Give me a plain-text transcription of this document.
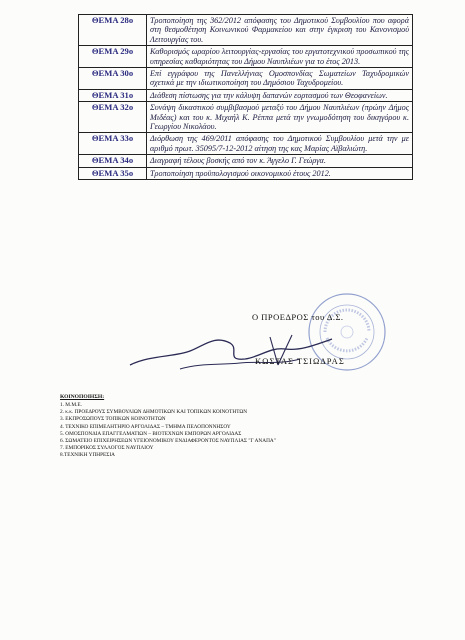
ΘΕΜΑ 28ο	Τροποποίηση της 362/2012 απόφασης του Δημοτικού Συμβουλίου που αφορά στη θεσμοθέτηση Κοινωνικού Φαρμακείου και στην έγκριση του Κανονισμού Λειτουργίας του.
ΘΕΜΑ 29ο	Καθορισμός ωραρίου λειτουργίας-εργασίας του εργατοτεχνικού προσωπικού της υπηρεσίας καθαριότητας του Δήμου Ναυπλιέων για το έτος 2013.
ΘΕΜΑ 30ο	Επί εγγράφου της Πανελλήνιας Ομοσπονδίας Σωματείων Ταχυδρομικών σχετικά με την ιδιωτικοποίηση του Δημόσιου Ταχυδρομείου.
ΘΕΜΑ 31ο	Διάθεση πίστωσης για την κάλυψη δαπανών εορτασμού των Θεοφανείων.
ΘΕΜΑ 32ο	Συνάψη δικαστικού συμβιβασμού μεταξύ του Δήμου Ναυπλιέων (πρώην Δήμος Μιδέας) και του κ. Μιχαήλ Κ. Ρέππα μετά την γνωμοδότηση του δικηγόρου κ. Γεωργίου Νικολάου.
ΘΕΜΑ 33ο	Διόρθωση της 469/2011 απόφασης του Δημοτικού Συμβουλίου μετά την με αριθμό πρωτ. 35095/7-12-2012 αίτηση της κας Μαρίας Αϊβαλιώτη.
ΘΕΜΑ 34ο	Διαγραφή τέλους βοσκής από τον κ. Άγγελο Γ. Γεώργα.
ΘΕΜΑ 35ο	Τροποποίηση προϋπολογισμού οικονομικού έτους 2012.
Ο ΠΡΟΕΔΡΟΣ του Δ.Σ.
ΚΩΣΤΑΣ ΤΣΙΩΔΡΑΣ
ΚΟΙΝΟΠΟΙΗΣΗ:
1. Μ.Μ.Ε.
2. κ.κ. ΠΡΟΕΔΡΟΥΣ ΣΥΜΒΟΥΛΙΩΝ ΔΗΜΟΤΙΚΩΝ ΚΑΙ ΤΟΠΙΚΩΝ ΚΟΙΝΟΤΗΤΩΝ
3. ΕΚΠΡΟΣΩΠΟΥΣ ΤΟΠΙΚΩΝ ΚΟΙΝΟΤΗΤΩΝ
4. ΤΕΧΝΙΚΟ ΕΠΙΜΕΛΗΤΗΡΙΟ ΑΡΓΟΛΙΔΑΣ – ΤΜΗΜΑ ΠΕΛΟΠΟΝΝΗΣΟΥ
5. ΟΜΟΣΠΟΝΔΙΑ ΕΠΑΓΓΕΛΜΑΤΙΩΝ – ΒΙΟΤΕΧΝΩΝ ΕΜΠΟΡΩΝ ΑΡΓΟΛΙΔΑΣ
6. ΣΩΜΑΤΕΙΟ ΕΠΙΧΕΙΡΗΣΕΩΝ ΥΓΕΙΟΝΟΜΙΚΟΥ ΕΝΔΙΑΦΕΡΟΝΤΟΣ ΝΑΥΠΛΙΑΣ "Γ ΑΝΑΠΑ"
7. ΕΜΠΟΡΙΚΟΣ ΣΥΛΛΟΓΟΣ ΝΑΥΠΛΙΟΥ
8.ΤΕΧΝΙΚΗ ΥΠΗΡΕΣΙΑ
